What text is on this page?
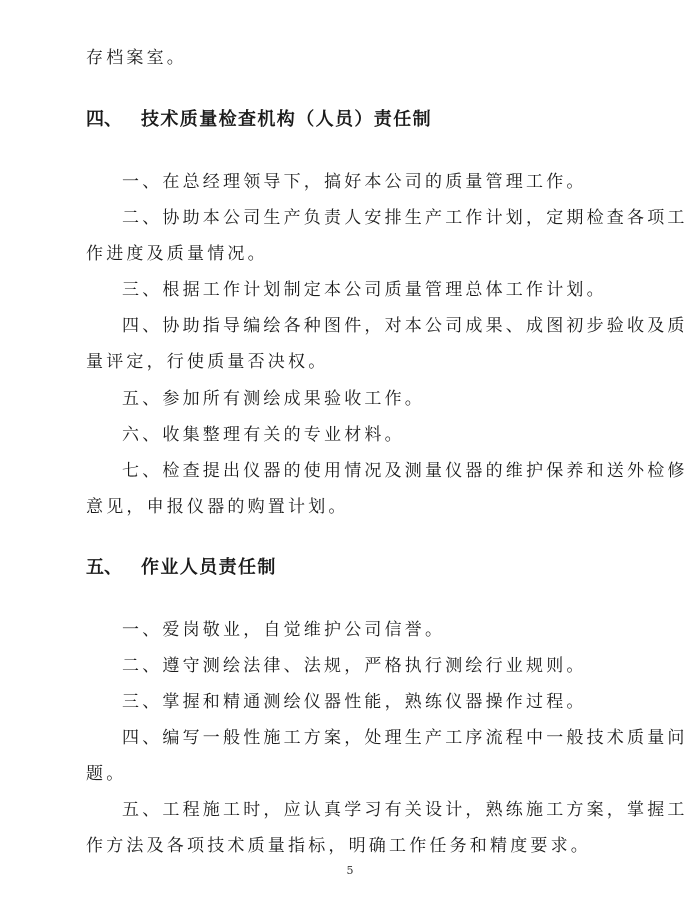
存档案室。
四、 技术质量检查机构（人员）责任制
一、在总经理领导下，搞好本公司的质量管理工作。
二、协助本公司生产负责人安排生产工作计划，定期检查各项工
作进度及质量情况。
三、根据工作计划制定本公司质量管理总体工作计划。
四、协助指导编绘各种图件，对本公司成果、成图初步验收及质
量评定，行使质量否决权。
五、参加所有测绘成果验收工作。
六、收集整理有关的专业材料。
七、检查提出仪器的使用情况及测量仪器的维护保养和送外检修
意见，申报仪器的购置计划。
五、 作业人员责任制
一、爱岗敬业，自觉维护公司信誉。
二、遵守测绘法律、法规，严格执行测绘行业规则。
三、掌握和精通测绘仪器性能，熟练仪器操作过程。
四、编写一般性施工方案，处理生产工序流程中一般技术质量问
题。
五、工程施工时，应认真学习有关设计，熟练施工方案，掌握工
作方法及各项技术质量指标，明确工作任务和精度要求。
5
